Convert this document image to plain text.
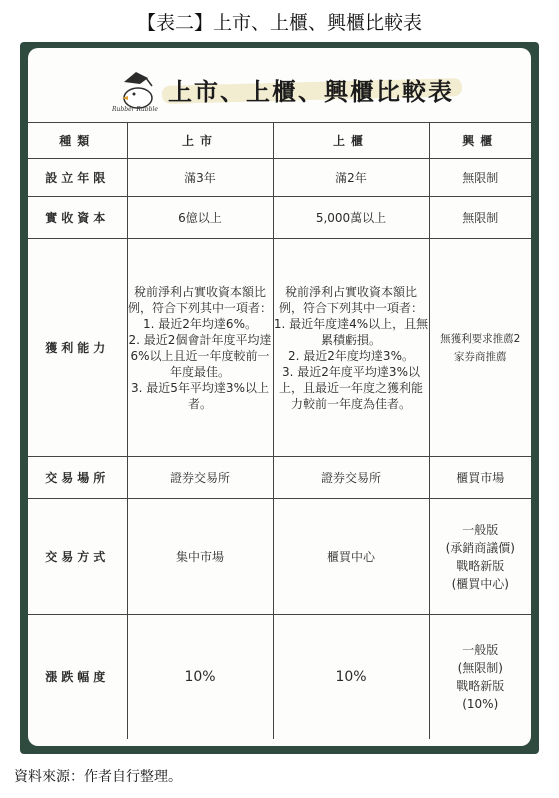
【表二】上市、上櫃、興櫃比較表
Rubber Rubble
上市、上櫃、興櫃比較表
種類	上市	上櫃	興櫃
設立年限	滿3年	滿2年	無限制
實收資本	6億以上	5,000萬以上	無限制
獲利能力	稅前淨利占實收資本額比例，符合下列其中一項者：
1. 最近2年均達6%。
2. 最近2個會計年度平均達6%以上且近一年度較前一年度最佳。
3. 最近5年平均達3%以上者。	稅前淨利占實收資本額比例，符合下列其中一項者：
1. 最近年度達4%以上，且無累積虧損。
2. 最近2年度均達3%。
3. 最近2年度平均達3%以上，且最近一年度之獲利能力較前一年度為佳者。	無獲利要求推薦2家券商推薦
交易場所	證券交易所	證券交易所	櫃買市場
交易方式	集中市場	櫃買中心	一般版
(承銷商議價)
戰略新版
(櫃買中心)
漲跌幅度	10%	10%	一般版
(無限制)
戰略新版
(10%)
資料來源：作者自行整理。
